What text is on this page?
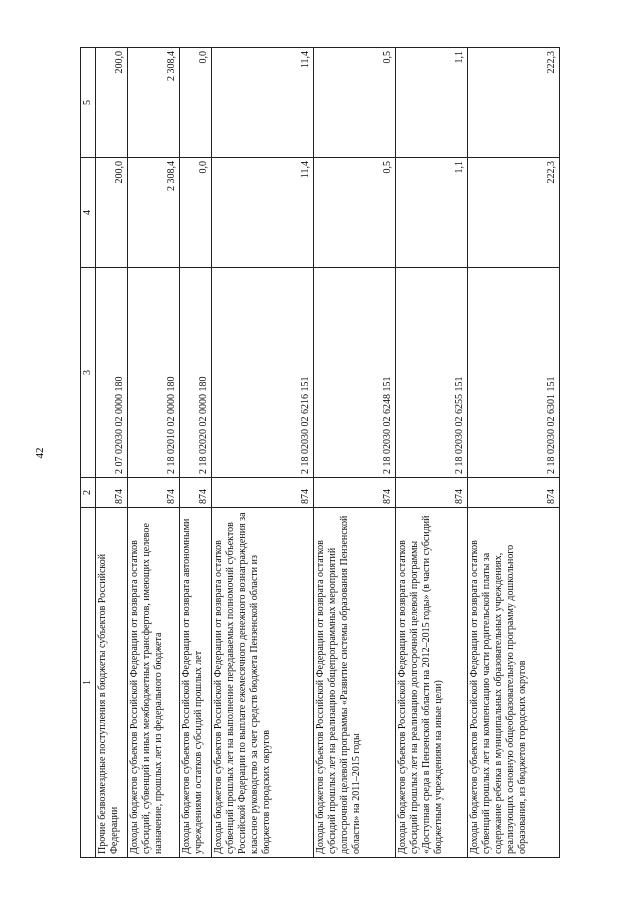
42
1	2	3	4	5
Прочие безвозмездные поступления в бюджеты субъектов Российской Федерации	874	2 07 02030 02 0000 180	200,0	200,0
Доходы бюджетов субъектов Российской Федерации от возврата остатков субсидий, субвенций и иных межбюджетных трансфертов, имеющих целевое назначение, прошлых лет из федерального бюджета	874	2 18 02010 02 0000 180	2 308,4	2 308,4
Доходы бюджетов субъектов Российской Федерации от возврата автономными учреждениями остатков субсидий прошлых лет	874	2 18 02020 02 0000 180	0,0	0,0
Доходы бюджетов субъектов Российской Федерации от возврата остатков субвенций прошлых лет на выполнение передаваемых полномочий субъектов Российской Федерации по выплате ежемесячного денежного вознаграждения за классное руководство за счет средств бюджета Пензенской области из бюджетов городских округов	874	2 18 02030 02 6216 151	11,4	11,4
Доходы бюджетов субъектов Российской Федерации от возврата остатков субсидий прошлых лет на реализацию общепрограммных мероприятий долгосрочной целевой программы «Развитие системы образования Пензенской области» на 2011–2015 годы	874	2 18 02030 02 6248 151	0,5	0,5
Доходы бюджетов субъектов Российской Федерации от возврата остатков субсидий прошлых лет на реализацию долгосрочной целевой программы «Доступная среда в Пензенской области на 2012–2015 годы» (в части субсидий бюджетным учреждениям на иные цели)	874	2 18 02030 02 6255 151	1,1	1,1
Доходы бюджетов субъектов Российской Федерации от возврата остатков субвенций прошлых лет на компенсацию части родительской платы за содержание ребенка в муниципальных образовательных учреждениях, реализующих основную общеобразовательную программу дошкольного образования, из бюджетов городских округов	874	2 18 02030 02 6301 151	222,3	222,3
